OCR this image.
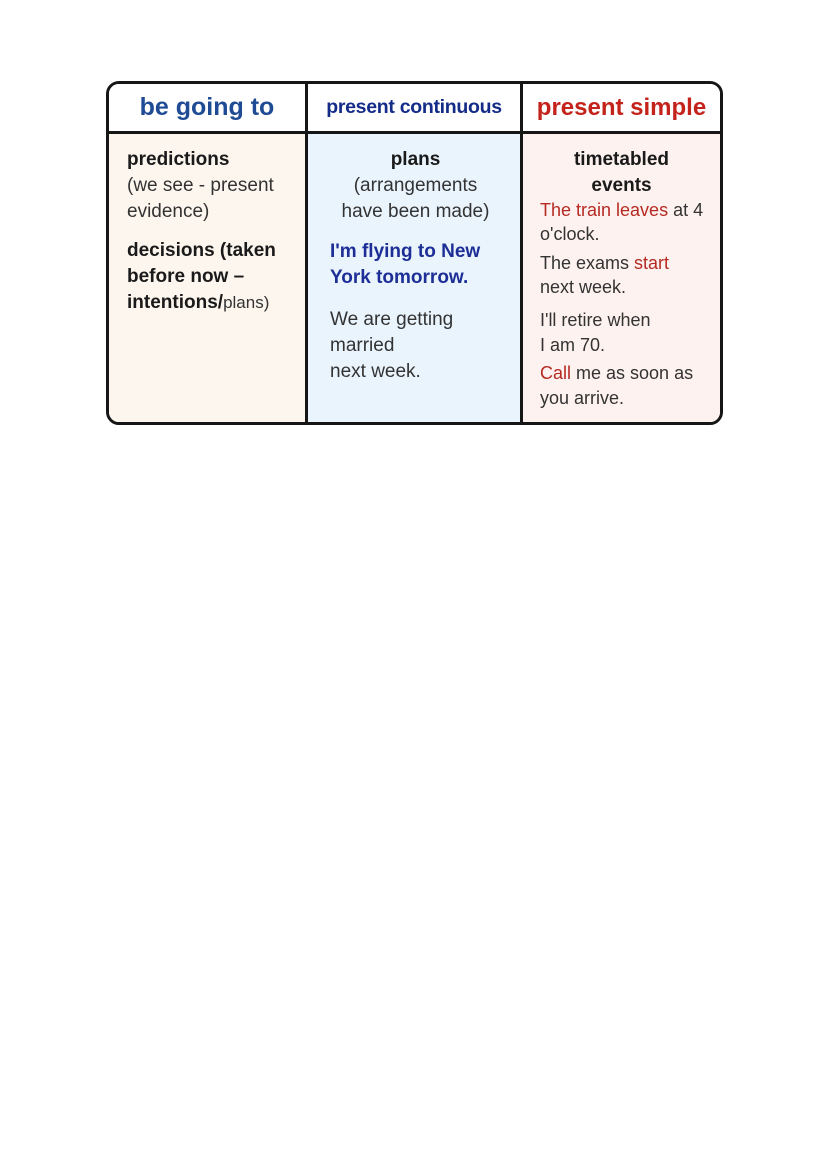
be going to
predictions
(we see - present
evidence)
decisions (taken
before now –
intentions/plans)
present continuous
plans
(arrangements
have been made)
I'm flying to New
York tomorrow.
We are getting
married
next week.
present simple
timetabled
events
The train leaves at 4
o'clock.
The exams start
next week.
I'll retire when
I am 70.
Call me as soon as
you arrive.
